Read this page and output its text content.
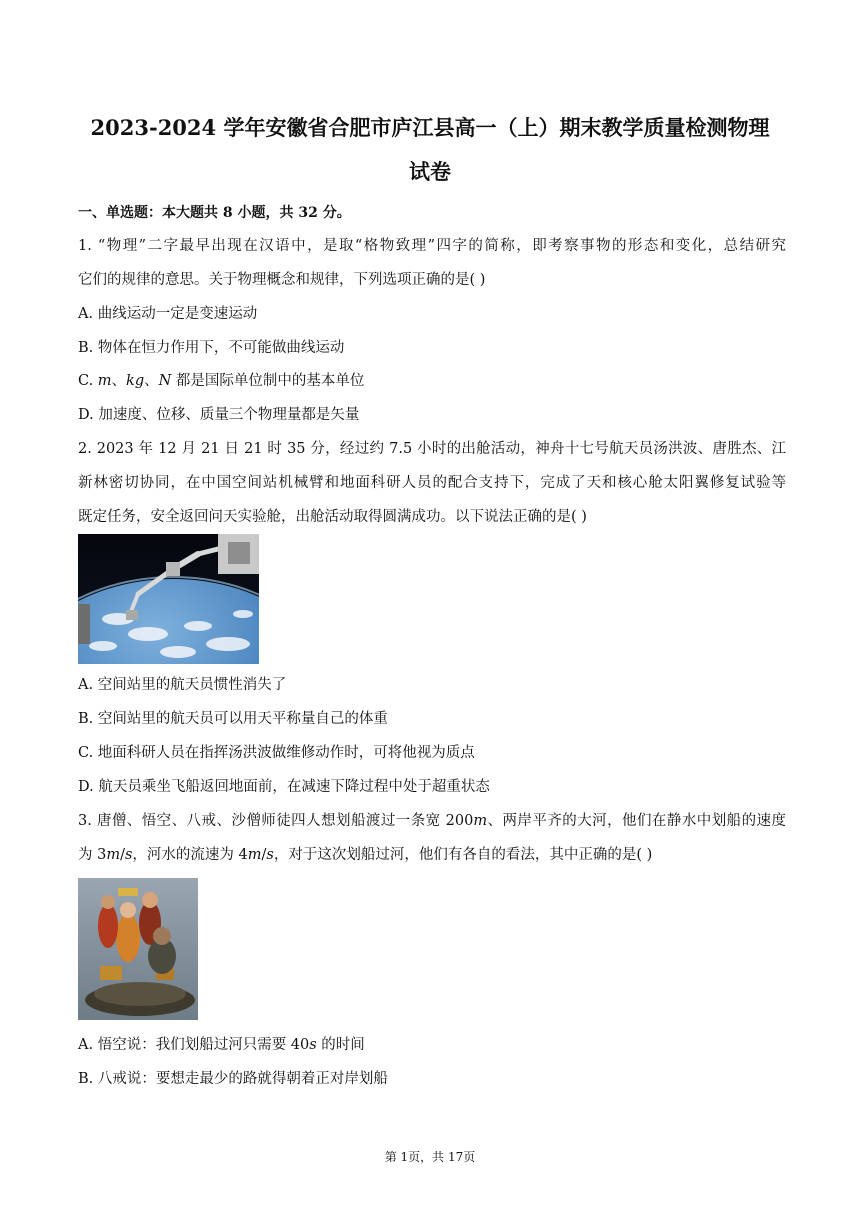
2023-2024 学年安徽省合肥市庐江县高一（上）期末教学质量检测物理
试卷
一、单选题：本大题共 8 小题，共 32 分。
1. “物理”二字最早出现在汉语中，是取“格物致理”四字的简称，即考察事物的形态和变化，总结研究
它们的规律的意思。关于物理概念和规律，下列选项正确的是( )
A. 曲线运动一定是变速运动
B. 物体在恒力作用下，不可能做曲线运动
C. 𝑚、𝑘𝑔、𝑁 都是国际单位制中的基本单位
D. 加速度、位移、质量三个物理量都是矢量
2. 2023 年 12 月 21 日 21 时 35 分，经过约 7.5 小时的出舱活动，神舟十七号航天员汤洪波、唐胜杰、江
新林密切协同，在中国空间站机械臂和地面科研人员的配合支持下，完成了天和核心舱太阳翼修复试验等
既定任务，安全返回问天实验舱，出舱活动取得圆满成功。以下说法正确的是( )
A. 空间站里的航天员惯性消失了
B. 空间站里的航天员可以用天平称量自己的体重
C. 地面科研人员在指挥汤洪波做维修动作时，可将他视为质点
D. 航天员乘坐飞船返回地面前，在减速下降过程中处于超重状态
3. 唐僧、悟空、八戒、沙僧师徒四人想划船渡过一条宽 200𝑚、两岸平齐的大河，他们在静水中划船的速度
为 3𝑚/𝑠，河水的流速为 4𝑚/𝑠，对于这次划船过河，他们有各自的看法，其中正确的是( )
A. 悟空说：我们划船过河只需要 40𝑠 的时间
B. 八戒说：要想走最少的路就得朝着正对岸划船
第 1页，共 17页
